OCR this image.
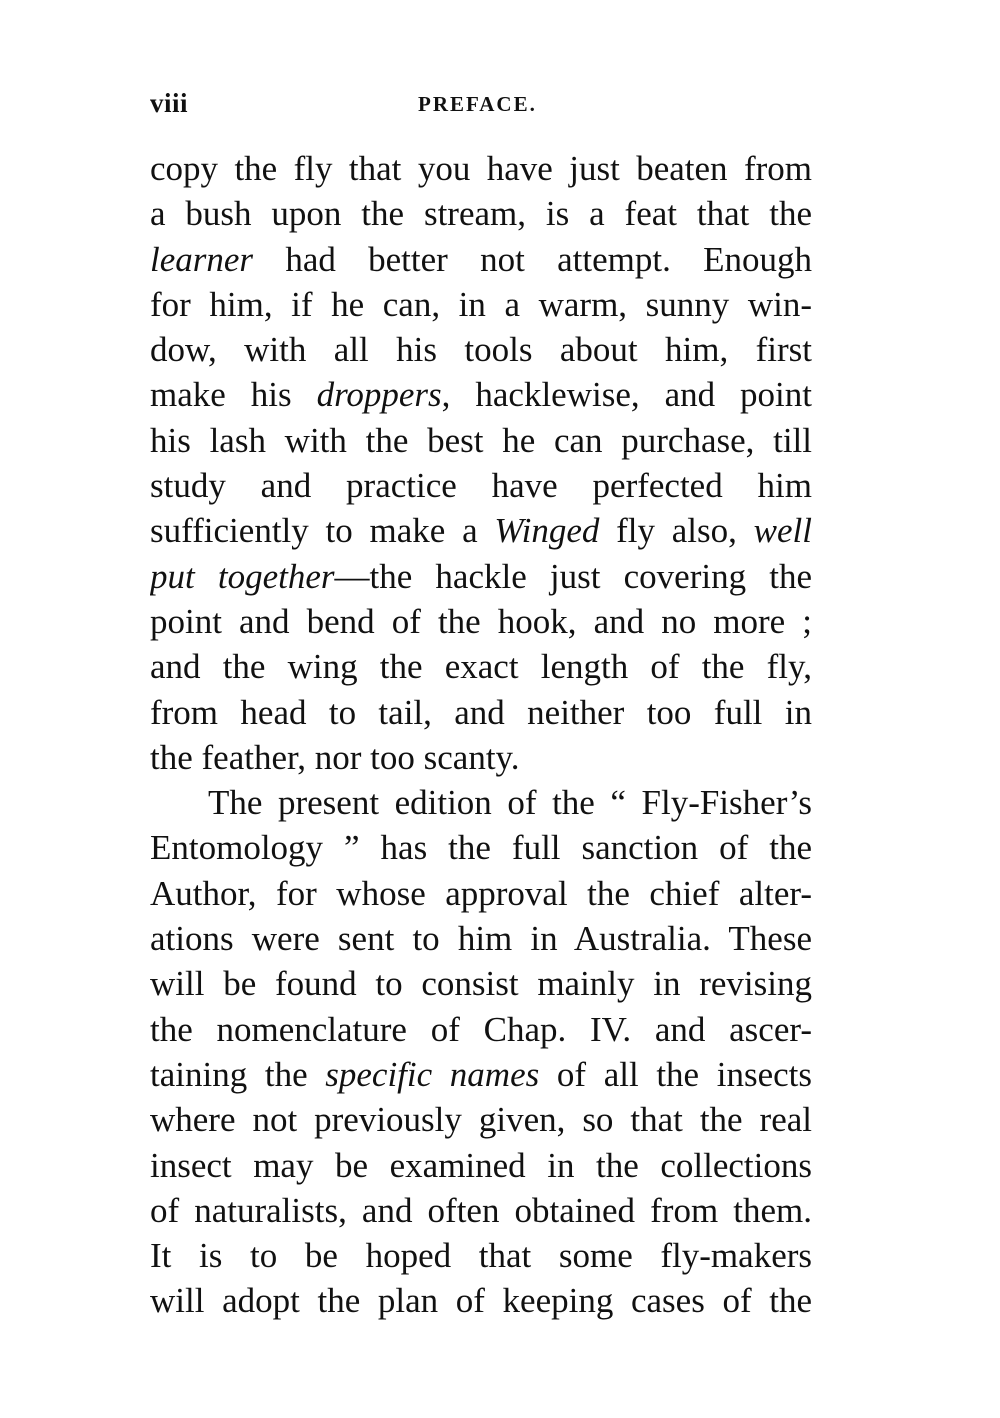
viii	PREFACE.
copy the fly that you have just beaten from
a bush upon the stream, is a feat that the
learner had better not attempt. Enough
for him, if he can, in a warm, sunny win-
dow, with all his tools about him, first
make his droppers, hacklewise, and point
his lash with the best he can purchase, till
study and practice have perfected him
sufficiently to make a Winged fly also, well
put together—the hackle just covering the
point and bend of the hook, and no more ;
and the wing the exact length of the fly,
from head to tail, and neither too full in
the feather, nor too scanty.
The present edition of the “ Fly-Fisher’s
Entomology ” has the full sanction of the
Author, for whose approval the chief alter-
ations were sent to him in Australia. These
will be found to consist mainly in revising
the nomenclature of Chap. IV. and ascer-
taining the specific names of all the insects
where not previously given, so that the real
insect may be examined in the collections
of naturalists, and often obtained from them.
It is to be hoped that some fly-makers
will adopt the plan of keeping cases of the
